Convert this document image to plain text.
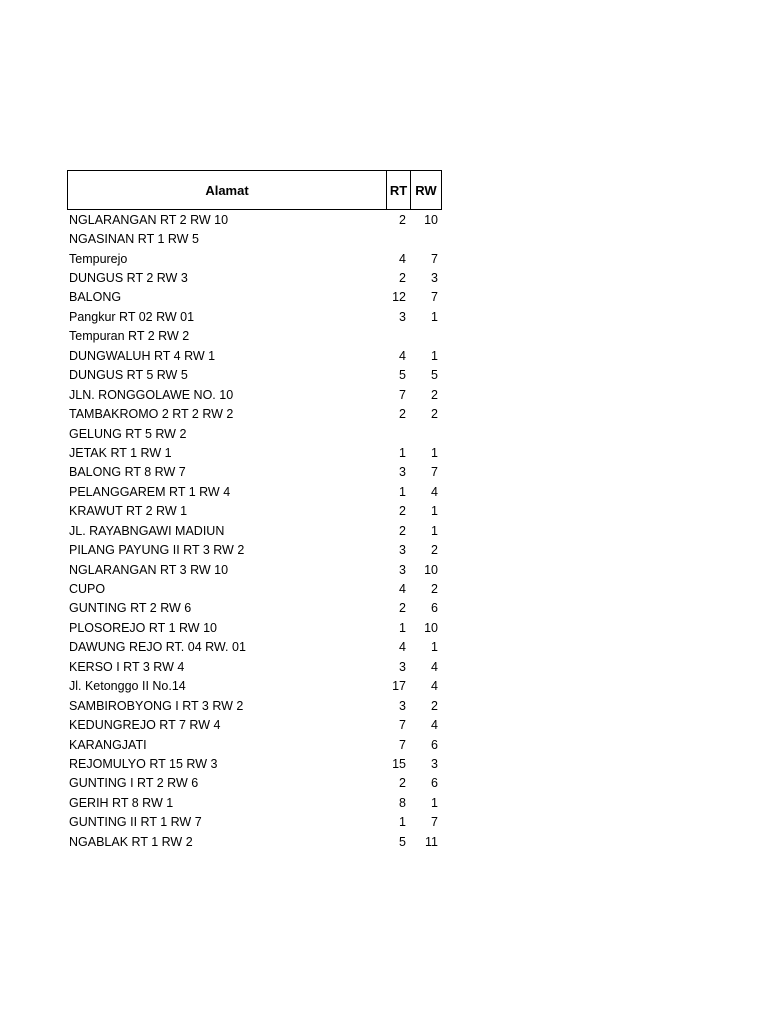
Alamat	RT RW
NGLARANGAN RT 2 RW 10	2	10
NGASINAN RT 1 RW 5
Tempurejo	4	7
DUNGUS RT 2 RW 3	2	3
BALONG	12	7
Pangkur RT 02 RW 01	3	1
Tempuran RT 2 RW 2
DUNGWALUH RT 4 RW 1	4	1
DUNGUS RT 5 RW 5	5	5
JLN. RONGGOLAWE NO. 10	7	2
TAMBAKROMO 2 RT 2 RW 2	2	2
GELUNG RT 5 RW 2
JETAK RT 1 RW 1	1	1
BALONG RT 8 RW 7	3	7
PELANGGAREM RT 1 RW 4	1	4
KRAWUT RT 2 RW 1	2	1
JL. RAYABNGAWI MADIUN	2	1
PILANG PAYUNG II RT 3 RW 2	3	2
NGLARANGAN RT 3 RW 10	3	10
CUPO	4	2
GUNTING RT 2 RW 6	2	6
PLOSOREJO RT 1 RW 10	1	10
DAWUNG REJO RT. 04 RW. 01	4	1
KERSO I RT 3 RW 4	3	4
Jl. Ketonggo II No.14	17	4
SAMBIROBYONG I RT 3 RW 2	3	2
KEDUNGREJO RT 7 RW 4	7	4
KARANGJATI	7	6
REJOMULYO RT 15 RW 3	15	3
GUNTING I RT 2 RW 6	2	6
GERIH RT 8 RW 1	8	1
GUNTING II RT 1 RW 7	1	7
NGABLAK RT 1 RW 2	5	11
